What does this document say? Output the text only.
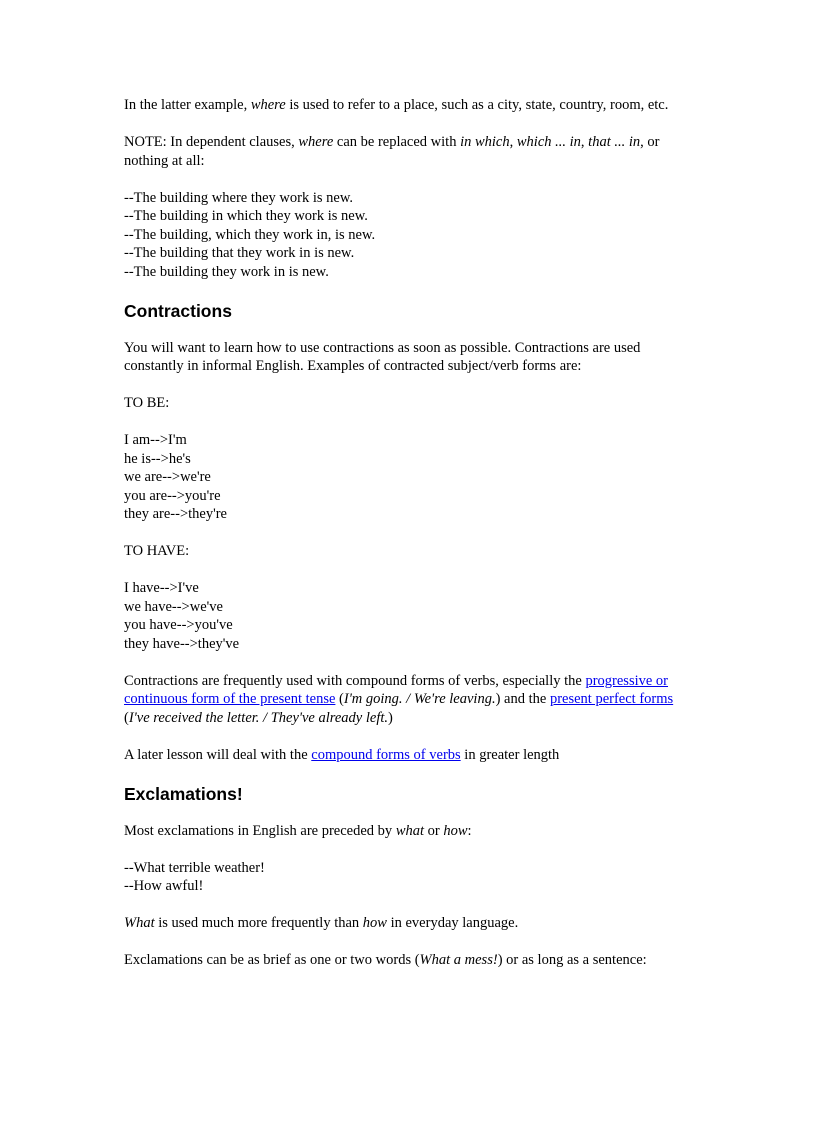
In the latter example, where is used to refer to a place, such as a city, state, country, room, etc.

NOTE: In dependent clauses, where can be replaced with in which, which ... in, that ... in, or nothing at all:

--The building where they work is new.
--The building in which they work is new.
--The building, which they work in, is new.
--The building that they work in is new.
--The building they work in is new.
Contractions

You will want to learn how to use contractions as soon as possible. Contractions are used constantly in informal English. Examples of contracted subject/verb forms are:

TO BE:

I am-->I'm
he is-->he's
we are-->we're
you are-->you're
they are-->they're

TO HAVE:

I have-->I've
we have-->we've
you have-->you've
they have-->they've

Contractions are frequently used with compound forms of verbs, especially the progressive or continuous form of the present tense (I'm going. / We're leaving.) and the present perfect forms (I've received the letter. / They've already left.)

A later lesson will deal with the compound forms of verbs in greater length

Exclamations!

Most exclamations in English are preceded by what or how:

--What terrible weather!
--How awful!

What is used much more frequently than how in everyday language.

Exclamations can be as brief as one or two words (What a mess!) or as long as a sentence:
